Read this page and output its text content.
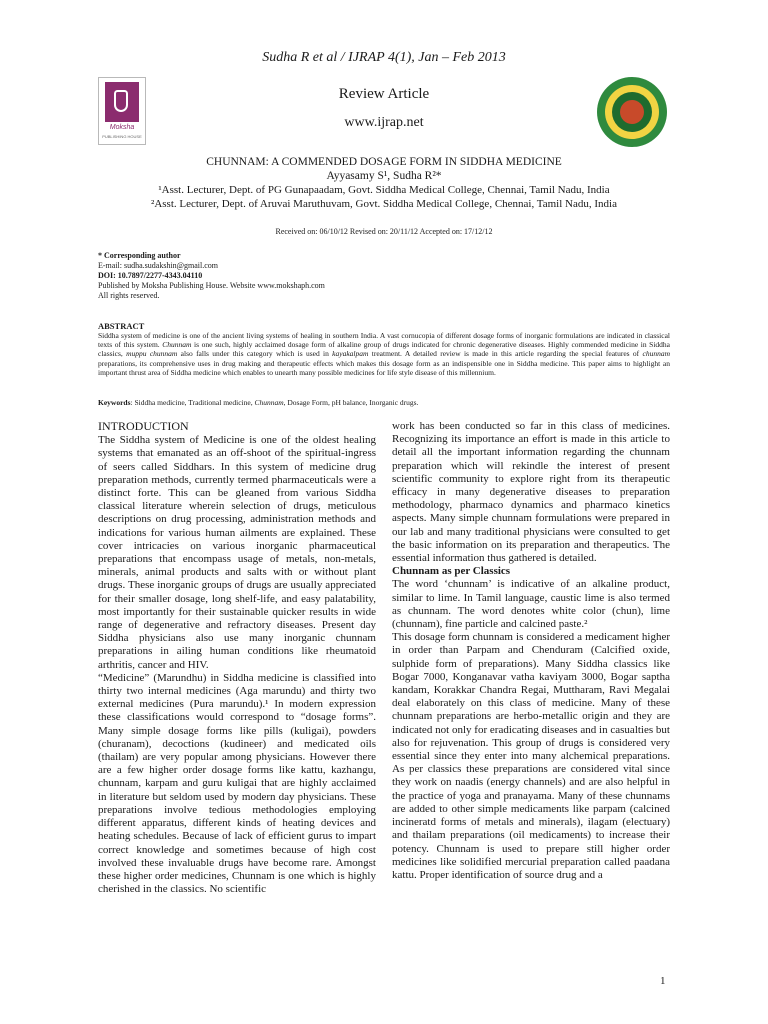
Sudha R et al / IJRAP 4(1), Jan – Feb 2013
Moksha
PUBLISHING HOUSE
Review Article
www.ijrap.net
CHUNNAM: A COMMENDED DOSAGE FORM IN SIDDHA MEDICINE
Ayyasamy S¹, Sudha R²*
¹Asst. Lecturer, Dept. of PG Gunapaadam, Govt. Siddha Medical College, Chennai, Tamil Nadu, India
²Asst. Lecturer, Dept. of Aruvai Maruthuvam, Govt. Siddha Medical College, Chennai, Tamil Nadu, India
Received on: 06/10/12 Revised on: 20/11/12 Accepted on: 17/12/12
* Corresponding author
E-mail: sudha.sudakshin@gmail.com
DOI: 10.7897/2277-4343.04110
Published by Moksha Publishing House. Website www.mokshaph.com
All rights reserved.
ABSTRACT
Siddha system of medicine is one of the ancient living systems of healing in southern India. A vast cornucopia of different dosage forms of inorganic formulations are indicated in classical texts of this system. Chunnam is one such, highly acclaimed dosage form of alkaline group of drugs indicated for chronic degenerative diseases. Highly commended medicine in Siddha classics, muppu chunnam also falls under this category which is used in kayakalpam treatment. A detailed review is made in this article regarding the special features of chunnam preparations, its comprehensive uses in drug making and therapeutic effects which makes this dosage form as an indispensible one in Siddha medicine. This paper aims to highlight an important thrust area of Siddha medicine which enables to unearth many possible medicines for life style disease of this millennium.
Keywords: Siddha medicine, Traditional medicine, Chunnam, Dosage Form, pH balance, Inorganic drugs.
INTRODUCTION

The Siddha system of Medicine is one of the oldest healing systems that emanated as an off-shoot of the spiritual-ingress of seers called Siddhars. In this system of medicine drug preparation methods, currently termed pharmaceuticals were a distinct forte. This can be gleaned from various Siddha classical literature wherein selection of drugs, meticulous descriptions on drug processing, administration methods and indications for various human ailments are explained. These cover intricacies on various inorganic pharmaceutical preparations that encompass usage of metals, non-metals, minerals, animal products and salts with or without plant drugs. These inorganic groups of drugs are usually appreciated for their smaller dosage, long shelf-life, and easy palatability, most importantly for their sustainable quicker results in wide range of degenerative and refractory diseases. Present day Siddha physicians also use many inorganic chunnam preparations in ailing human conditions like rheumatoid arthritis, cancer and HIV.

“Medicine” (Marundhu) in Siddha medicine is classified into thirty two internal medicines (Aga marundu) and thirty two external medicines (Pura marundu).¹ In modern expression these classifications would correspond to “dosage forms”. Many simple dosage forms like pills (kuligai), powders (churanam), decoctions (kudineer) and medicated oils (thailam) are very popular among physicians. However there are a few higher order dosage forms like kattu, kazhangu, chunnam, karpam and guru kuligai that are highly acclaimed in literature but seldom used by modern day physicians. These preparations involve tedious methodologies employing different apparatus, different kinds of heating devices and heating schedules. Because of lack of efficient gurus to impart correct knowledge and sometimes because of high cost involved these invaluable drugs have become rare. Amongst these higher order medicines, Chunnam is one which is highly cherished in the classics. No scientific

work has been conducted so far in this class of medicines. Recognizing its importance an effort is made in this article to detail all the important information regarding the chunnam preparation which will rekindle the interest of present scientific community to explore right from its therapeutic efficacy in many degenerative diseases to preparation methodology, pharmaco dynamics and pharmaco kinetics aspects. Many simple chunnam formulations were prepared in our lab and many traditional physicians were consulted to get the basic information on its preparation and therapeutics. The essential information thus gathered is detailed.

Chunnam as per Classics

The word ‘chunnam’ is indicative of an alkaline product, similar to lime. In Tamil language, caustic lime is also termed as chunnam. The word denotes white color (chun), lime (chunnam), fine particle and calcined paste.²

This dosage form chunnam is considered a medicament higher in order than Parpam and Chenduram (Calcified oxide, sulphide form of preparations). Many Siddha classics like Bogar 7000, Konganavar vatha kaviyam 3000, Bogar saptha kandam, Korakkar Chandra Regai, Muttharam, Ravi Megalai deal elaborately on this class of medicine. Many of these chunnam preparations are herbo-metallic origin and they are indicated not only for eradicating diseases and in casualties but also for rejuvenation. This group of drugs is considered very essential since they enter into many alchemical preparations. As per classics these preparations are considered vital since they work on naadis (energy channels) and are also helpful in the practice of yoga and pranayama. Many of these chunnams are added to other simple medicaments like parpam (calcined incineratd forms of metals and minerals), ilagam (electuary) and thailam preparations (oil medicaments) to increase their potency. Chunnam is used to prepare still higher order medicines like solidified mercurial preparation called paadana kattu. Proper identification of source drug and a

1
